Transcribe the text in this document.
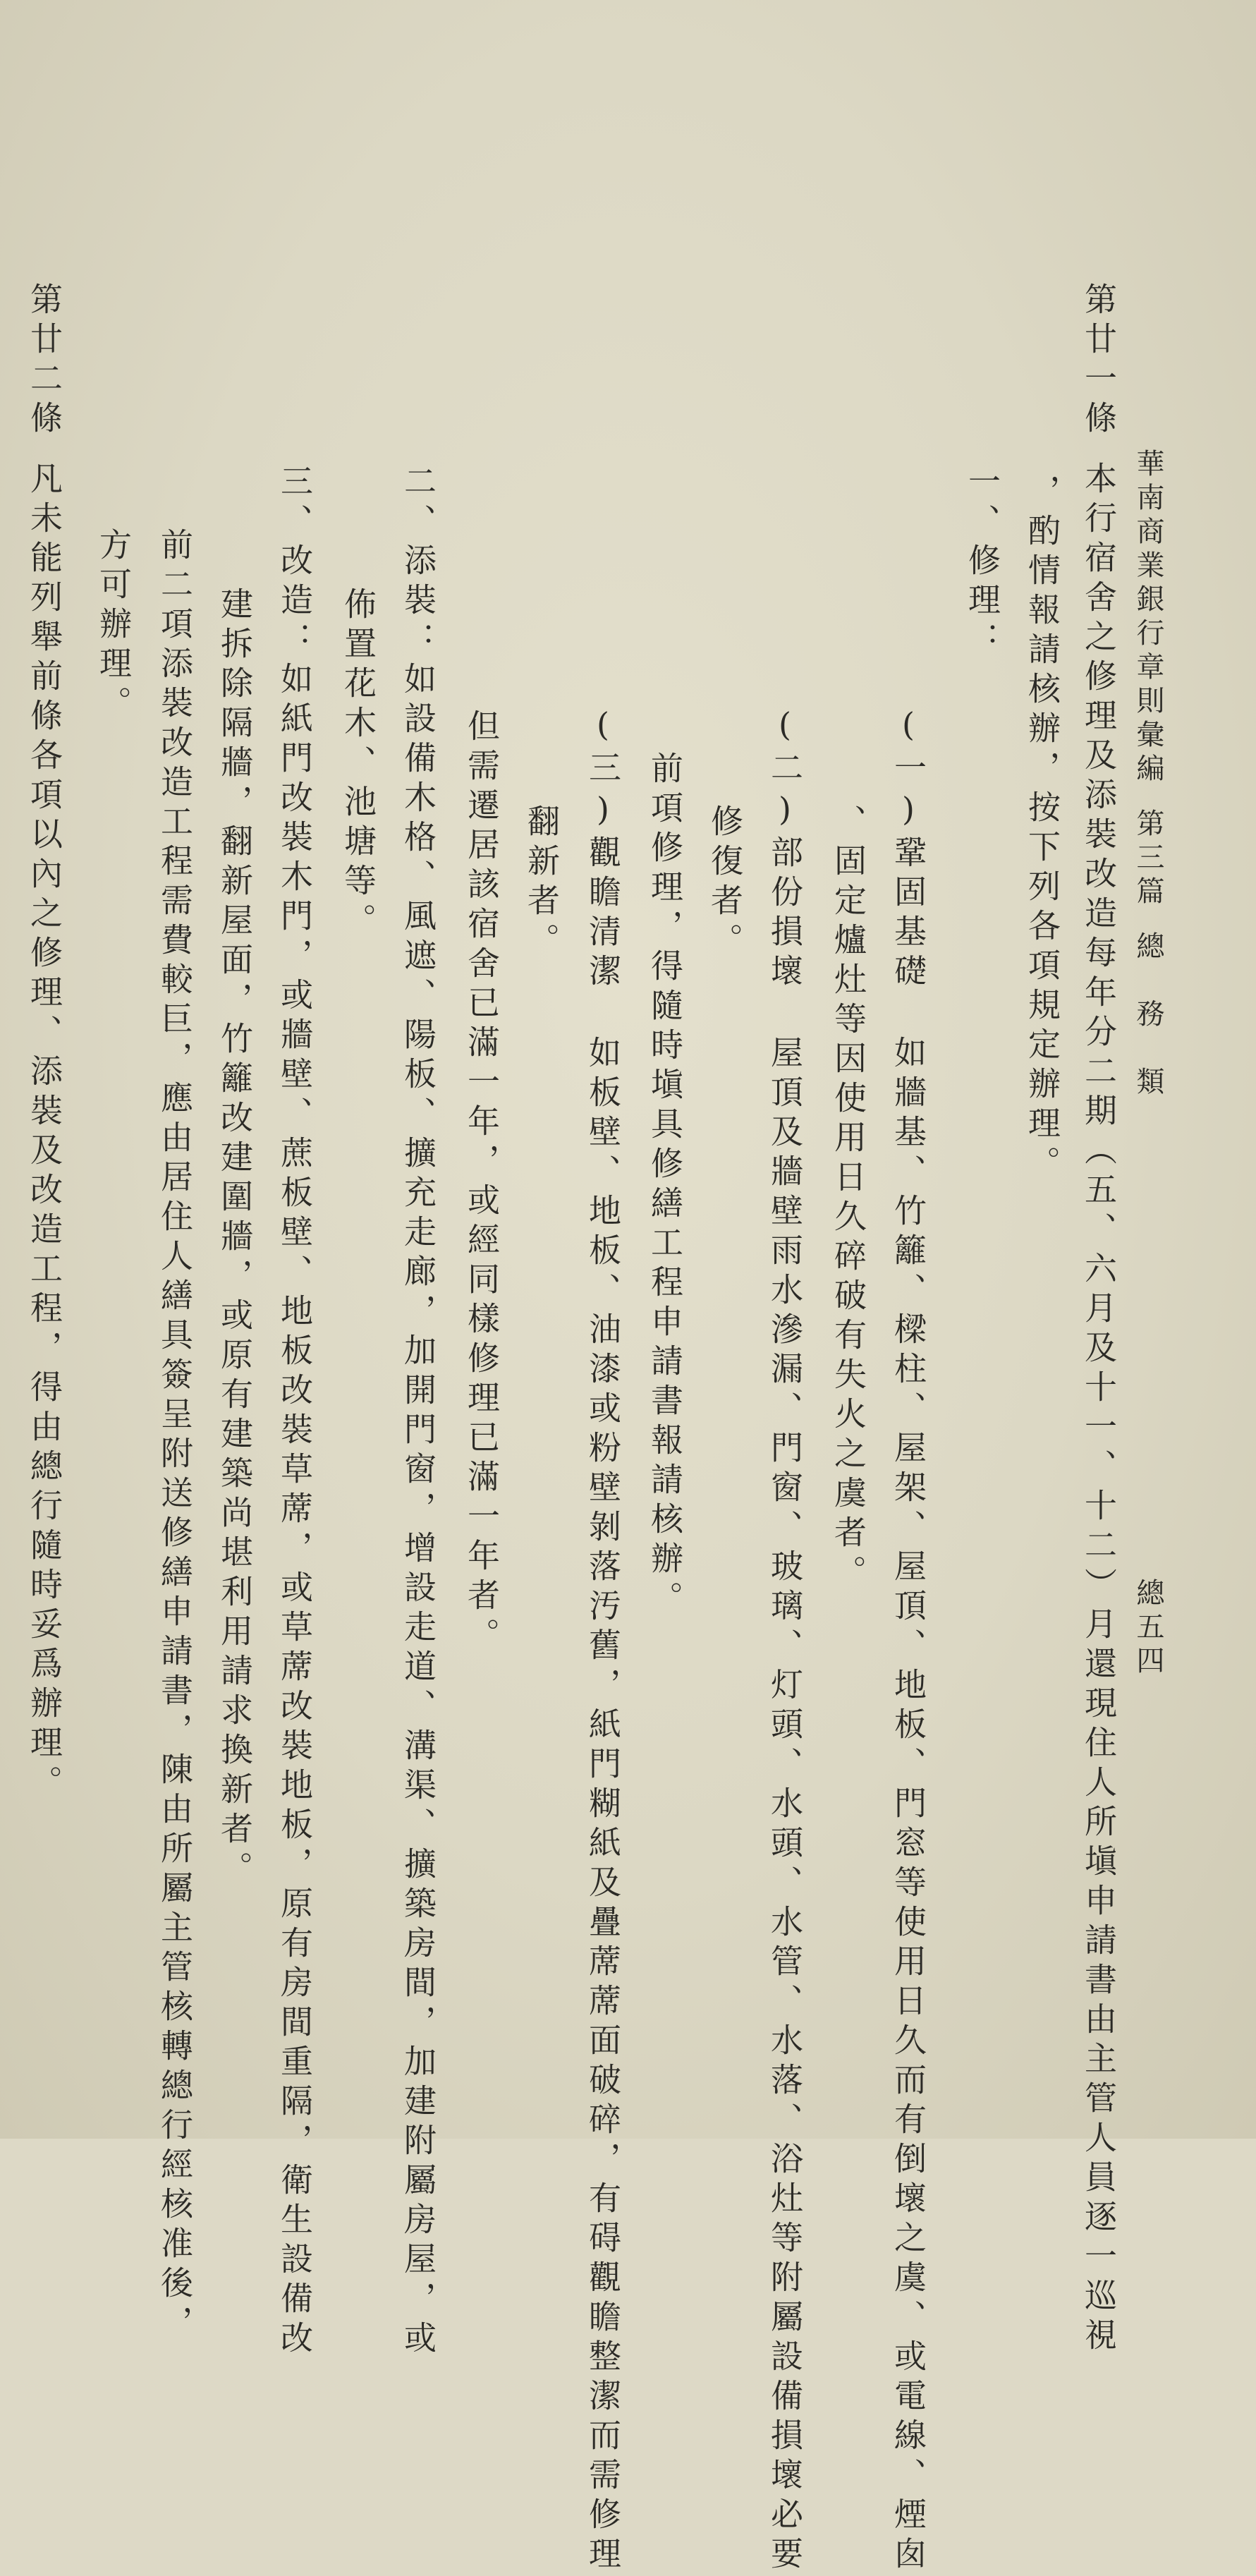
華南商業銀行章則彙編第三篇總　務　類
總五四
第廿一條本行宿舍之修理及添裝改造每年分二期（五、六月及十一、十二）月還現住人所塡申請書由主管人員逐一巡視
，酌情報請核辦，按下列各項規定辦理。
一、修理：
(一)鞏固基礎如牆基、竹籬、樑柱、屋架、屋頂、地板、門窓等使用日久而有倒壞之虞、或電線、煙囱
、固定爐灶等因使用日久碎破有失火之虞者。
(二)部份損壞屋頂及牆壁雨水滲漏、門窗、玻璃、灯頭、水頭、水管、水落、浴灶等附屬設備損壞必要
修復者。
前項修理，得隨時塡具修繕工程申請書報請核辦。
(三)觀瞻清潔如板壁、地板、油漆或粉壁剝落汚舊，紙門糊紙及疊蓆蓆面破碎，有碍觀瞻整潔而需修理
翻新者。
但需遷居該宿舍已滿一年，或經同樣修理已滿一年者。
二、添裝：如設備木格、風遮、陽板、擴充走廊，加開門窗，增設走道、溝渠、擴築房間，加建附屬房屋，或
佈置花木、池塘等。
三、改造：如紙門改裝木門，或牆壁、蔗板壁、地板改裝草蓆，或草蓆改裝地板，原有房間重隔，衛生設備改
建拆除隔牆，翻新屋面，竹籬改建圍牆，或原有建築尚堪利用請求換新者。
前二項添裝改造工程需費較巨，應由居住人繕具簽呈附送修繕申請書，陳由所屬主管核轉總行經核准後，
方可辦理。
第廿二條凡未能列舉前條各項以內之修理、添裝及改造工程，得由總行隨時妥爲辦理。
